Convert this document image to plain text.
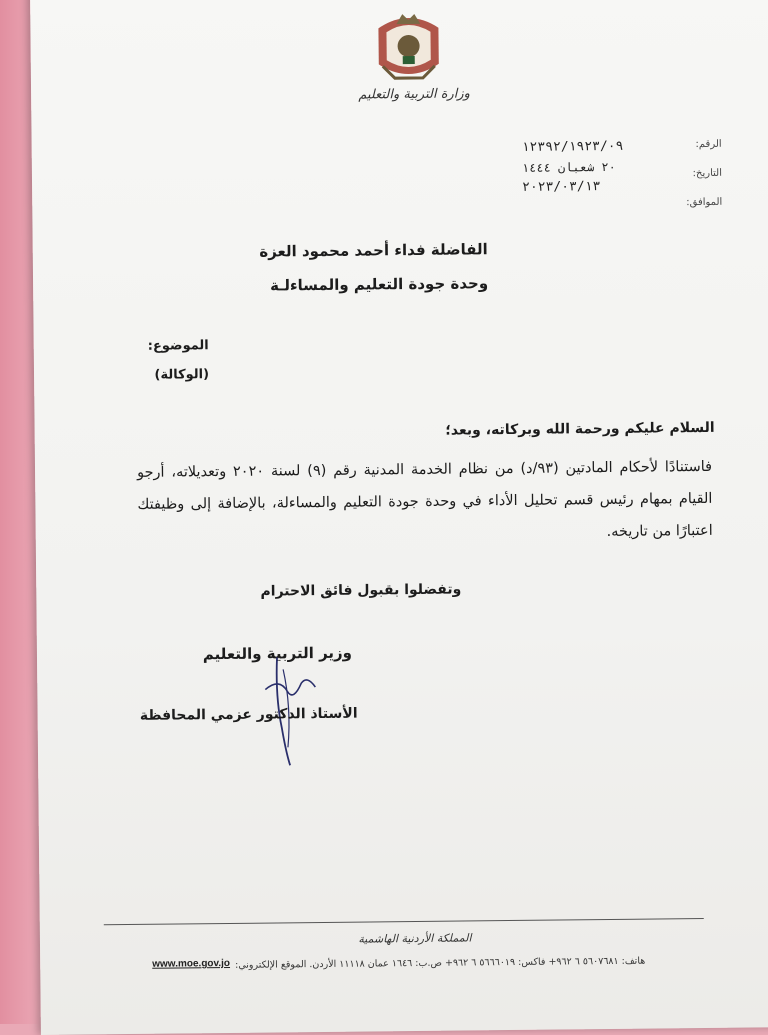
وزارة التربية والتعليم
الرقم:
التاريخ:
الموافق:
١٢٣٩٢/١٩٢٣/٠٩
٢٠ شعبان ١٤٤٤
٢٠٢٣/٠٣/١٣
الفاضلة فداء أحمد محمود العزة
وحدة جودة التعليم والمساءلـة
الموضوع:
(الوكالة)
السلام عليكم ورحمة الله وبركاته، وبعد؛
فاستنادًا لأحكام المادتين (٩٣/د) من نظام الخدمة المدنية رقم (٩) لسنة ٢٠٢٠ وتعديلاته، أرجو القيام بمهام رئيس قسم تحليل الأداء في وحدة جودة التعليم والمساءلة، بالإضافة إلى وظيفتك اعتبارًا من تاريخه.
وتفضلوا بقبول فائق الاحترام
وزير التربية والتعليم
الأستاذ الدكتور عزمي المحافظة
المملكة الأردنية الهاشمية
هاتف: ٥٦٠٧٦٨١ ٦ ٩٦٢+ فاكس: ٥٦٦٦٠١٩ ٦ ٩٦٢+ ص.ب: ١٦٤٦ عمان ١١١١٨ الأردن. الموقع الإلكتروني:
www.moe.gov.jo
